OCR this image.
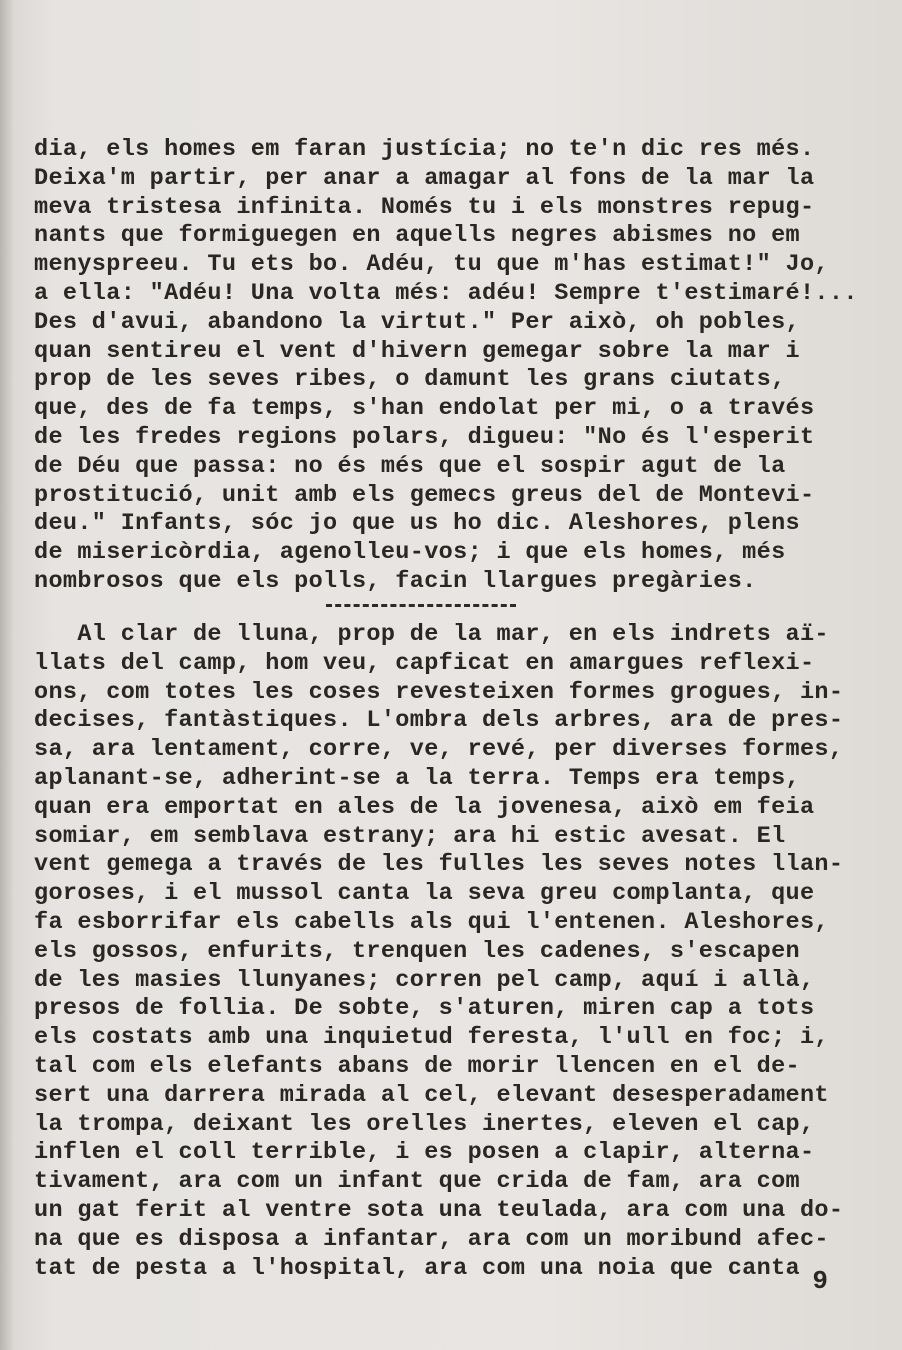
dia, els homes em faran justícia; no te'n dic res més.
Deixa'm partir, per anar a amagar al fons de la mar la
meva tristesa infinita. Només tu i els monstres repug-
nants que formiguegen en aquells negres abismes no em
menyspreeu. Tu ets bo. Adéu, tu que m'has estimat!" Jo,
a ella: "Adéu! Una volta més: adéu! Sempre t'estimaré!...
Des d'avui, abandono la virtut." Per això, oh pobles,
quan sentireu el vent d'hivern gemegar sobre la mar i
prop de les seves ribes, o damunt les grans ciutats,
que, des de fa temps, s'han endolat per mi, o a través
de les fredes regions polars, digueu: "No és l'esperit
de Déu que passa: no és més que el sospir agut de la
prostitució, unit amb els gemecs greus del de Montevi-
deu." Infants, sóc jo que us ho dic. Aleshores, plens
de misericòrdia, agenolleu-vos; i que els homes, més
nombrosos que els polls, facin llargues pregàries.
Al clar de lluna, prop de la mar, en els indrets aï-
llats del camp, hom veu, capficat en amargues reflexi-
ons, com totes les coses revesteixen formes grogues, in-
decises, fantàstiques. L'ombra dels arbres, ara de pres-
sa, ara lentament, corre, ve, revé, per diverses formes,
aplanant-se, adherint-se a la terra. Temps era temps,
quan era emportat en ales de la jovenesa, això em feia
somiar, em semblava estrany; ara hi estic avesat. El
vent gemega a través de les fulles les seves notes llan-
goroses, i el mussol canta la seva greu complanta, que
fa esborrifar els cabells als qui l'entenen. Aleshores,
els gossos, enfurits, trenquen les cadenes, s'escapen
de les masies llunyanes; corren pel camp, aquí i allà,
presos de follia. De sobte, s'aturen, miren cap a tots
els costats amb una inquietud feresta, l'ull en foc; i,
tal com els elefants abans de morir llencen en el de-
sert una darrera mirada al cel, elevant desesperadament
la trompa, deixant les orelles inertes, eleven el cap,
inflen el coll terrible, i es posen a clapir, alterna-
tivament, ara com un infant que crida de fam, ara com
un gat ferit al ventre sota una teulada, ara com una do-
na que es disposa a infantar, ara com un moribund afec-
tat de pesta a l'hospital, ara com una noia que canta 9
